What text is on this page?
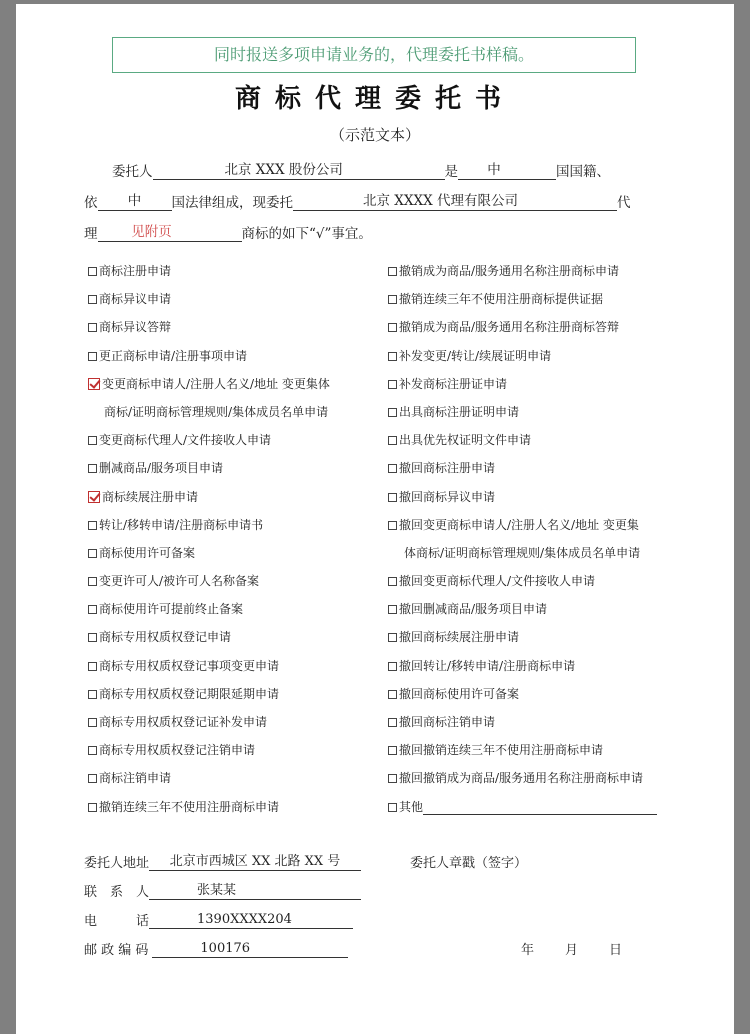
同时报送多项申请业务的，代理委托书样稿。
商标代理委托书
（示范文本）
委托人	北京 XXX 股份公司	是 中	国国籍、
依 中 国法律组成，现委托	北京 XXXX 代理有限公司	代
理	见附页	商标的如下“√”事宜。
商标注册申请
商标异议申请
商标异议答辩
更正商标申请/注册事项申请
变更商标申请人/注册人名义/地址 变更集体
商标/证明商标管理规则/集体成员名单申请
变更商标代理人/文件接收人申请
删减商品/服务项目申请
商标续展注册申请
转让/移转申请/注册商标申请书
商标使用许可备案
变更许可人/被许可人名称备案
商标使用许可提前终止备案
商标专用权质权登记申请
商标专用权质权登记事项变更申请
商标专用权质权登记期限延期申请
商标专用权质权登记证补发申请
商标专用权质权登记注销申请
商标注销申请
撤销连续三年不使用注册商标申请
撤销成为商品/服务通用名称注册商标申请
撤销连续三年不使用注册商标提供证据
撤销成为商品/服务通用名称注册商标答辩
补发变更/转让/续展证明申请
补发商标注册证申请
出具商标注册证明申请
出具优先权证明文件申请
撤回商标注册申请
撤回商标异议申请
撤回变更商标申请人/注册人名义/地址 变更集
体商标/证明商标管理规则/集体成员名单申请
撤回变更商标代理人/文件接收人申请
撤回删减商品/服务项目申请
撤回商标续展注册申请
撤回转让/移转申请/注册商标申请
撤回商标使用许可备案
撤回商标注销申请
撤回撤销连续三年不使用注册商标申请
撤回撤销成为商品/服务通用名称注册商标申请
其他
委托人地址 北京市西城区 XX 北路 XX 号	委托人章戳（签字）
联　系　人	张某某
电　　　话	1390XXXX204
邮 政 编 码	100176	年 月 日
